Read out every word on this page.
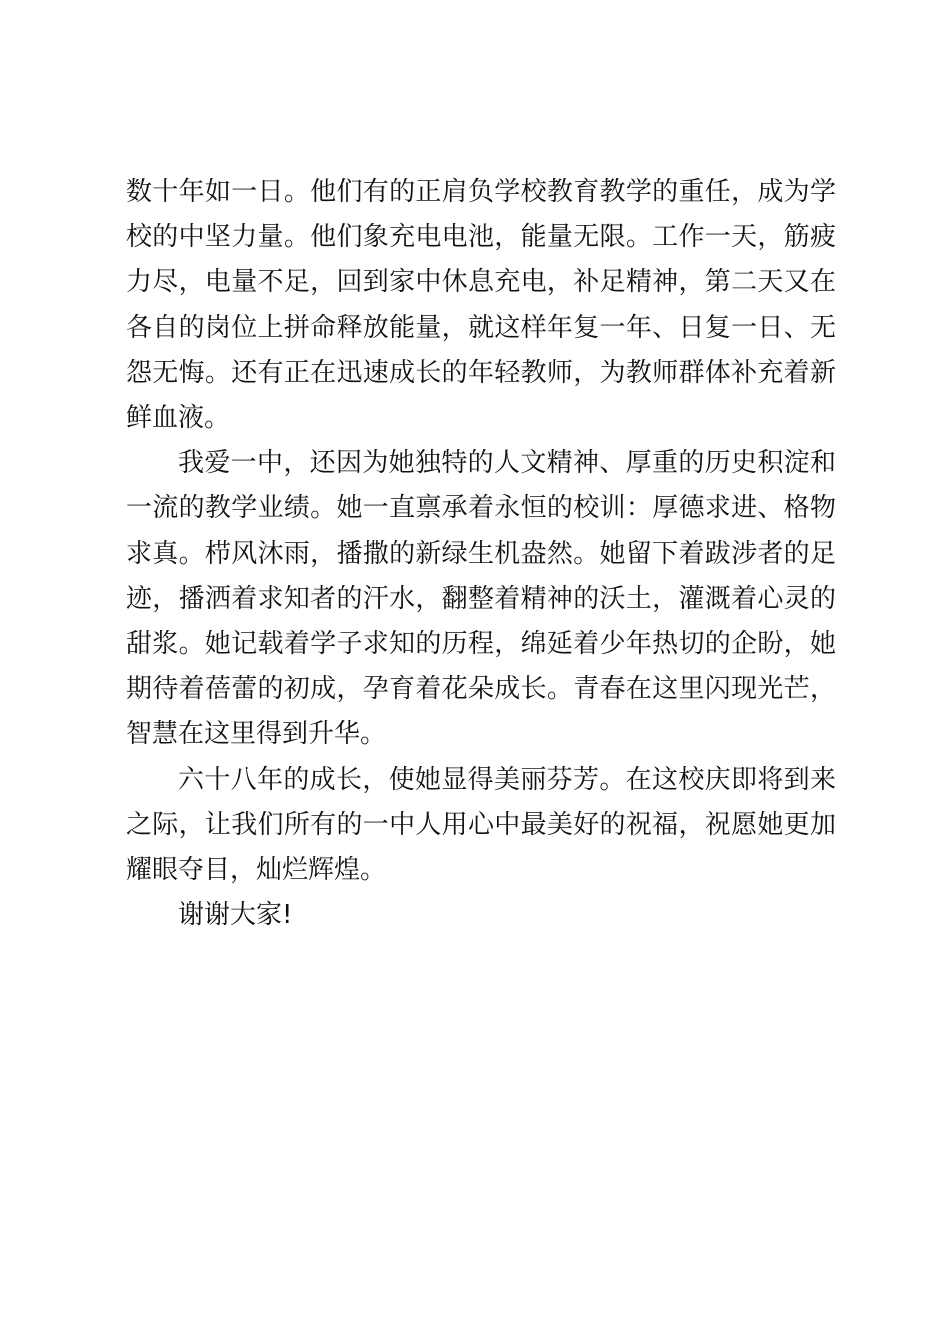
数十年如一日。他们有的正肩负学校教育教学的重任，成为学
校的中坚力量。他们象充电电池，能量无限。工作一天，筋疲
力尽，电量不足，回到家中休息充电，补足精神，第二天又在
各自的岗位上拼命释放能量，就这样年复一年、日复一日、无
怨无悔。还有正在迅速成长的年轻教师，为教师群体补充着新
鲜血液。
我爱一中，还因为她独特的人文精神、厚重的历史积淀和
一流的教学业绩。她一直禀承着永恒的校训：厚德求进、格物
求真。栉风沐雨，播撒的新绿生机盎然。她留下着跋涉者的足
迹，播洒着求知者的汗水，翻整着精神的沃土，灌溉着心灵的
甜浆。她记载着学子求知的历程，绵延着少年热切的企盼，她
期待着蓓蕾的初成，孕育着花朵成长。青春在这里闪现光芒，
智慧在这里得到升华。
六十八年的成长，使她显得美丽芬芳。在这校庆即将到来
之际，让我们所有的一中人用心中最美好的祝福，祝愿她更加
耀眼夺目，灿烂辉煌。
谢谢大家!
